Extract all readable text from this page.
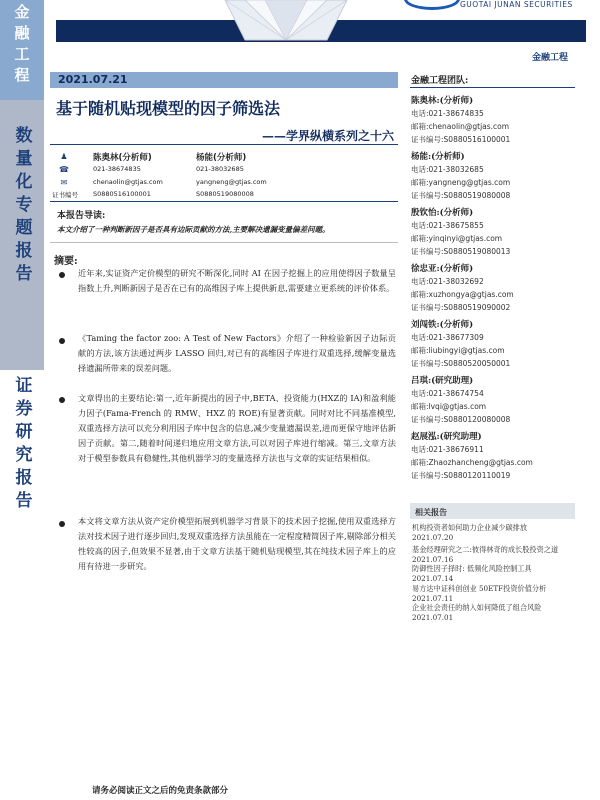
金融工程
数量化专题报告
证券研究报告
GUOTAI JUNAN SECURITIES
金融工程
2021.07.21
基于随机贴现模型的因子筛选法
——学界纵横系列之十六
♟
☎
✉
证书编号
陈奥林(分析师)
021-38674835
chenaolin@gtjas.com
S0880516100001
杨能(分析师)
021-38032685
yangneng@gtjas.com
S0880519080008
本报告导读:
本文介绍了一种判断新因子是否具有边际贡献的方法,主要解决遗漏变量偏差问题。
摘要:
近年来,实证资产定价模型的研究不断深化,同时 AI 在因子挖掘上的应用使得因子数量呈指数上升,判断新因子是否在已有的高维因子库上提供新息,需要建立更系统的评价体系。
《Taming the factor zoo: A Test of New Factors》介绍了一种检验新因子边际贡献的方法,该方法通过两步 LASSO 回归,对已有的高维因子库进行双重选择,缓解变量选择遗漏所带来的误差问题。
文章得出的主要结论:第一,近年新提出的因子中,BETA、投资能力(HXZ的 IA)和盈利能力因子(Fama-French 的 RMW、HXZ 的 ROE)有显著贡献。同时对比不同基准模型,双重选择方法可以充分利用因子库中包含的信息,减少变量遗漏误差,进而更保守地评估新因子贡献。第二,随着时间递归地应用文章方法,可以对因子库进行缩减。第三,文章方法对于模型参数具有稳健性,其他机器学习的变量选择方法也与文章的实证结果相似。
本文将文章方法从资产定价模型拓展到机器学习背景下的技术因子挖掘,使用双重选择方法对技术因子进行逐步回归,发现双重选择方法虽能在一定程度精简因子库,剔除部分相关性较高的因子,但效果不显著,由于文章方法基于随机贴现模型,其在纯技术因子库上的应用有待进一步研究。
金融工程团队:
陈奥林:(分析师)
电话:021-38674835
邮箱:chenaolin@gtjas.com
证书编号:S0880516100001
杨能:(分析师)
电话:021-38032685
邮箱:yangneng@gtjas.com
证书编号:S0880519080008
殷钦怡:(分析师)
电话:021-38675855
邮箱:yinqinyi@gtjas.com
证书编号:S0880519080013
徐忠亚:(分析师)
电话:021-38032692
邮箱:xuzhongya@gtjas.com
证书编号:S0880519090002
刘闯铁:(分析师)
电话:021-38677309
邮箱:liubingyi@gtjas.com
证书编号:S0880520050001
吕琪:(研究助理)
电话:021-38674754
邮箱:lvqi@gtjas.com
证书编号:S0880120080008
赵展泓:(研究助理)
电话:021-38676911
邮箱:Zhaozhancheng@gtjas.com
证书编号:S0880120110019
相关报告
机构投资者如何助力企业减少碳排放
2021.07.20
基金经理研究之二:彼得林奇的成长股投资之道
2021.07.16
防御性因子择时: 低频化风险控制工具
2021.07.14
易方达中证科创创业 50ETF投资价值分析
2021.07.11
企业社会责任的纳入如何降低了组合风险
2021.07.01
请务必阅读正文之后的免责条款部分
